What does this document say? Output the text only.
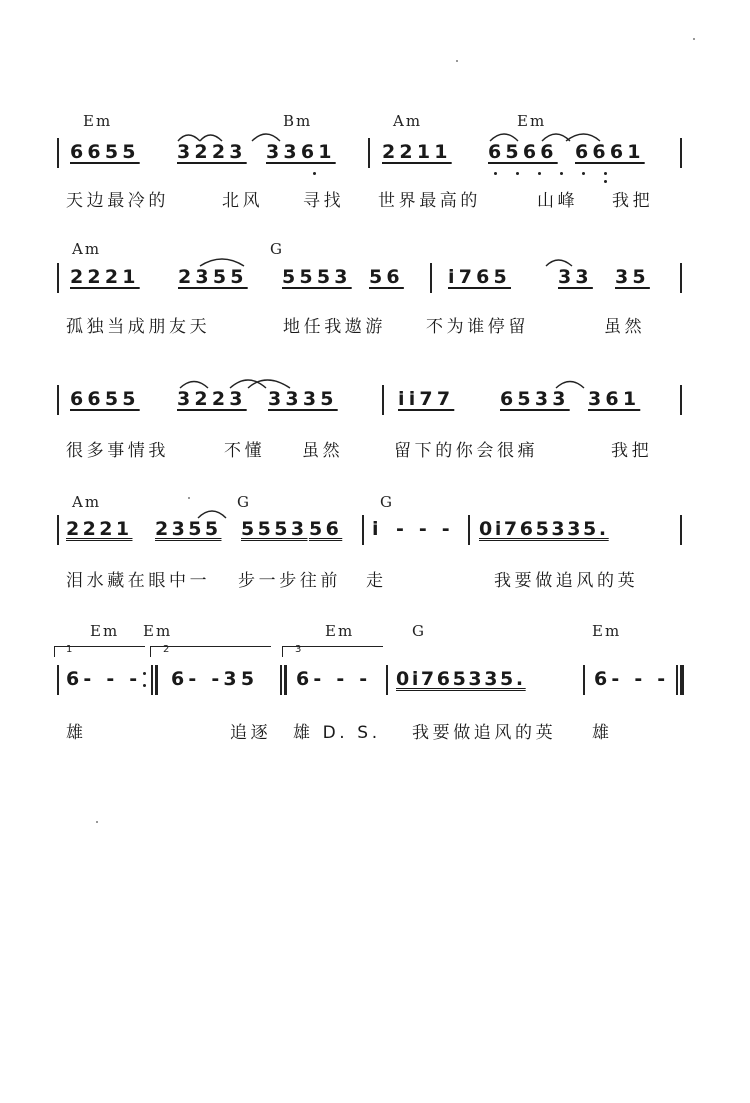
Em	Bm	Am	Em
6655 3223 3361 2211 6566 6661
天边最冷的	北风 寻找 世界最高的	山峰 我把
Am	G
2221 2355 5553 56 i765 33 35
孤独当成朋友天	地任我遨游 不为谁停留	虽然
6655 3223 3335	ii77 6533 361
很多事情我	不懂 虽然	留下的你会很痛	我把
Am	G	G
2221 2355 5553 56 i - - - 0i765335.
泪水藏在眼中一 步一步往前 走	我要做追风的英
Em Em	Em	G	Em
1	2	3
6- - - 6- -35 6- - - 0i765335.	6- - -
雄	追逐 雄 D. S. 我要做追风的英 雄
